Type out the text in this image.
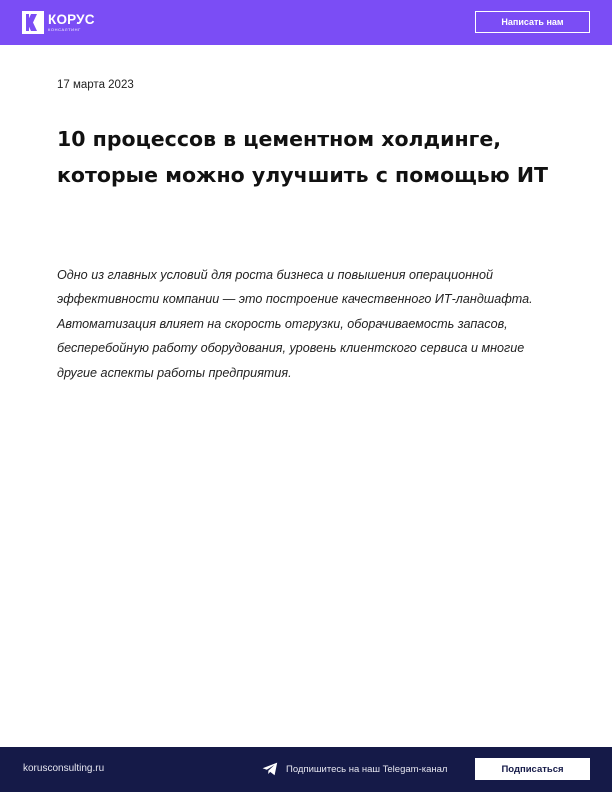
КОРУС
КОНСАЛТИНГ
Написать нам
17 марта 2023
10 процессов в цементном холдинге, которые можно улучшить с помощью ИТ

Одно из главных условий для роста бизнеса и повышения операционной эффективности компании — это построение качественного ИТ-ландшафта. Автоматизация влияет на скорость отгрузки, оборачиваемость запасов, бесперебойную работу оборудования, уровень клиентского сервиса и многие другие аспекты работы предприятия.

korusconsulting.ru	Подпишитесь на наш Telegam-канал	Подписаться
